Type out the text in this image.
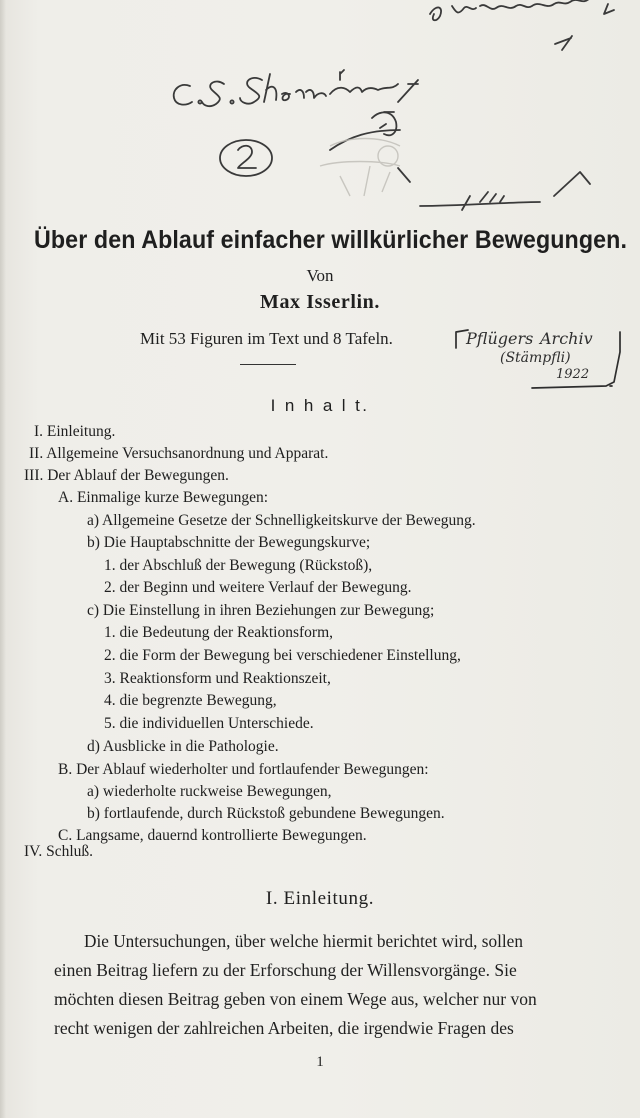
Über den Ablauf einfacher willkürlicher Bewegungen.
Von
Max Isserlin.
Mit 53 Figuren im Text und 8 Tafeln.	Pflügers Archiv
(Stämpfli)
1922
I n h a l t.
I. Einleitung.
II. Allgemeine Versuchsanordnung und Apparat.
III. Der Ablauf der Bewegungen.
A. Einmalige kurze Bewegungen:
a) Allgemeine Gesetze der Schnelligkeitskurve der Bewegung.
b) Die Hauptabschnitte der Bewegungskurve;
1. der Abschluß der Bewegung (Rückstoß),
2. der Beginn und weitere Verlauf der Bewegung.
c) Die Einstellung in ihren Beziehungen zur Bewegung;
1. die Bedeutung der Reaktionsform,
2. die Form der Bewegung bei verschiedener Einstellung,
3. Reaktionsform und Reaktionszeit,
4. die begrenzte Bewegung,
5. die individuellen Unterschiede.
d) Ausblicke in die Pathologie.
B. Der Ablauf wiederholter und fortlaufender Bewegungen:
a) wiederholte ruckweise Bewegungen,
b) fortlaufende, durch Rückstoß gebundene Bewegungen.
C. Langsame, dauernd kontrollierte Bewegungen.
IV. Schluß.
I. Einleitung.
Die Untersuchungen, über welche hiermit berichtet wird, sollen
einen Beitrag liefern zu der Erforschung der Willensvorgänge. Sie
möchten diesen Beitrag geben von einem Wege aus, welcher nur von
recht wenigen der zahlreichen Arbeiten, die irgendwie Fragen des
1
